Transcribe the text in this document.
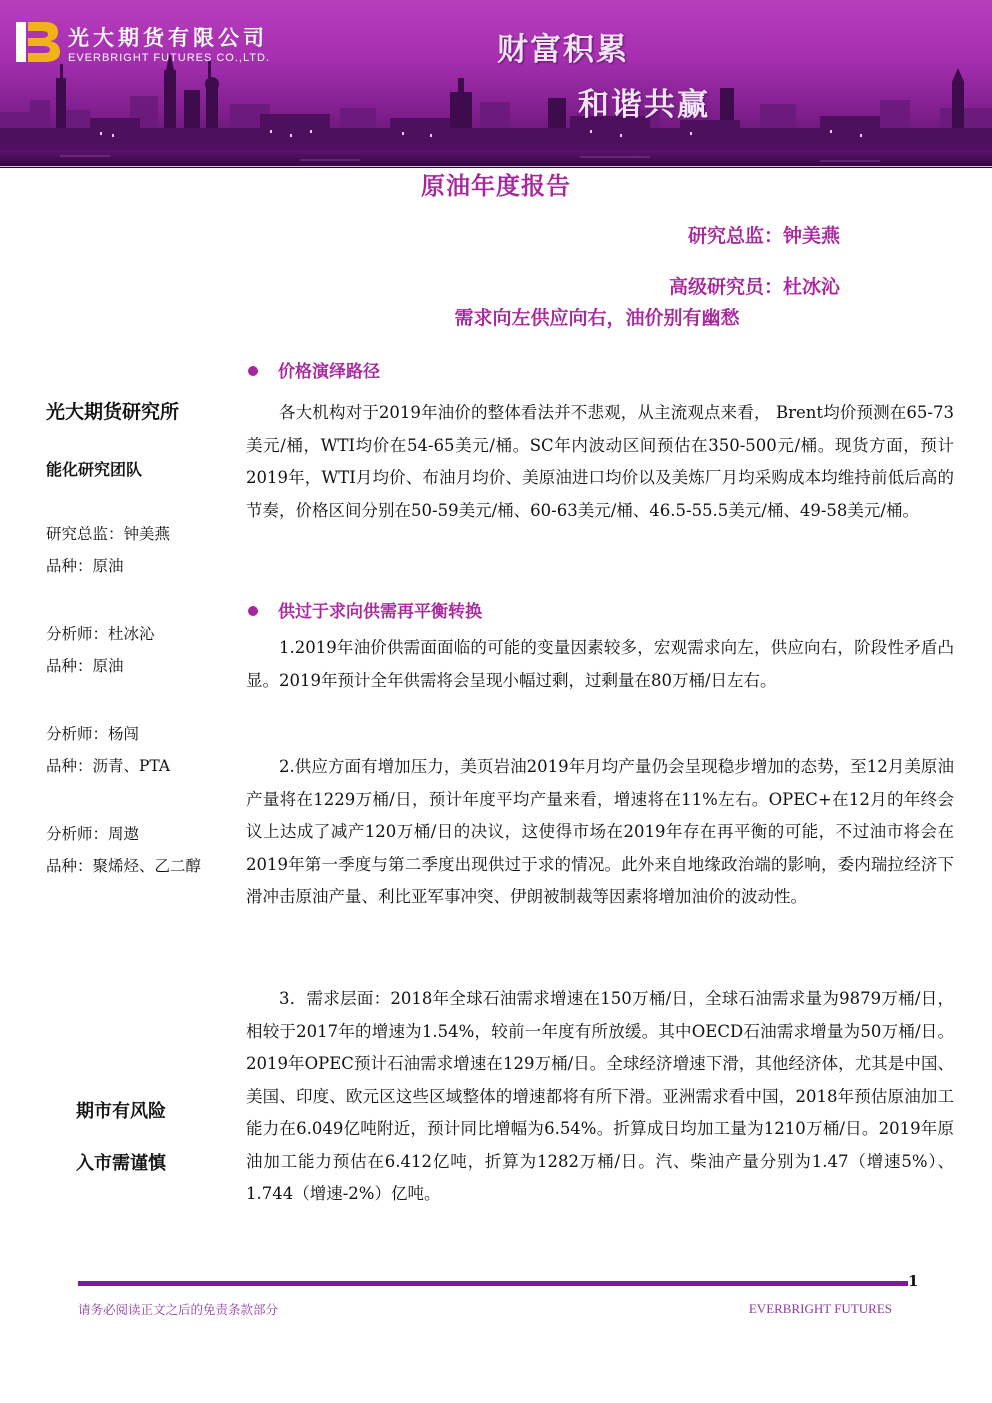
光大期货有限公司
EVERBRIGHT FUTURES CO.,LTD.	财富积累
和谐共赢
原油年度报告
研究总监：钟美燕
高级研究员：杜冰沁
需求向左供应向右，油价别有幽愁
光大期货研究所
能化研究团队
研究总监：钟美燕
品种：原油
分析师：杜冰沁
品种：原油
分析师：杨闯
品种：沥青、PTA
分析师：周遨
品种：聚烯烃、乙二醇
期市有风险
入市需谨慎
价格演绎路径

各大机构对于2019年油价的整体看法并不悲观，从主流观点来看， Brent均价预测在65-73美元/桶，WTI均价在54-65美元/桶。SC年内波动区间预估在350-500元/桶。现货方面，预计2019年，WTI月均价、布油月均价、美原油进口均价以及美炼厂月均采购成本均维持前低后高的节奏，价格区间分别在50-59美元/桶、60-63美元/桶、46.5-55.5美元/桶、49-58美元/桶。

供过于求向供需再平衡转换

1.2019年油价供需面面临的可能的变量因素较多，宏观需求向左，供应向右，阶段性矛盾凸显。2019年预计全年供需将会呈现小幅过剩，过剩量在80万桶/日左右。

2.供应方面有增加压力，美页岩油2019年月均产量仍会呈现稳步增加的态势，至12月美原油产量将在1229万桶/日，预计年度平均产量来看，增速将在11%左右。OPEC+在12月的年终会议上达成了减产120万桶/日的决议，这使得市场在2019年存在再平衡的可能，不过油市将会在2019年第一季度与第二季度出现供过于求的情况。此外来自地缘政治端的影响，委内瑞拉经济下滑冲击原油产量、利比亚军事冲突、伊朗被制裁等因素将增加油价的波动性。

3．需求层面：2018年全球石油需求增速在150万桶/日，全球石油需求量为9879万桶/日，相较于2017年的增速为1.54%，较前一年度有所放缓。其中OECD石油需求增量为50万桶/日。2019年OPEC预计石油需求增速在129万桶/日。全球经济增速下滑，其他经济体，尤其是中国、美国、印度、欧元区这些区域整体的增速都将有所下滑。亚洲需求看中国，2018年预估原油加工能力在6.049亿吨附近，预计同比增幅为6.54%。折算成日均加工量为1210万桶/日。2019年原油加工能力预估在6.412亿吨，折算为1282万桶/日。汽、柴油产量分别为1.47（增速5%）、1.744（增速-2%）亿吨。

1
请务必阅读正文之后的免责条款部分	EVERBRIGHT FUTURES
